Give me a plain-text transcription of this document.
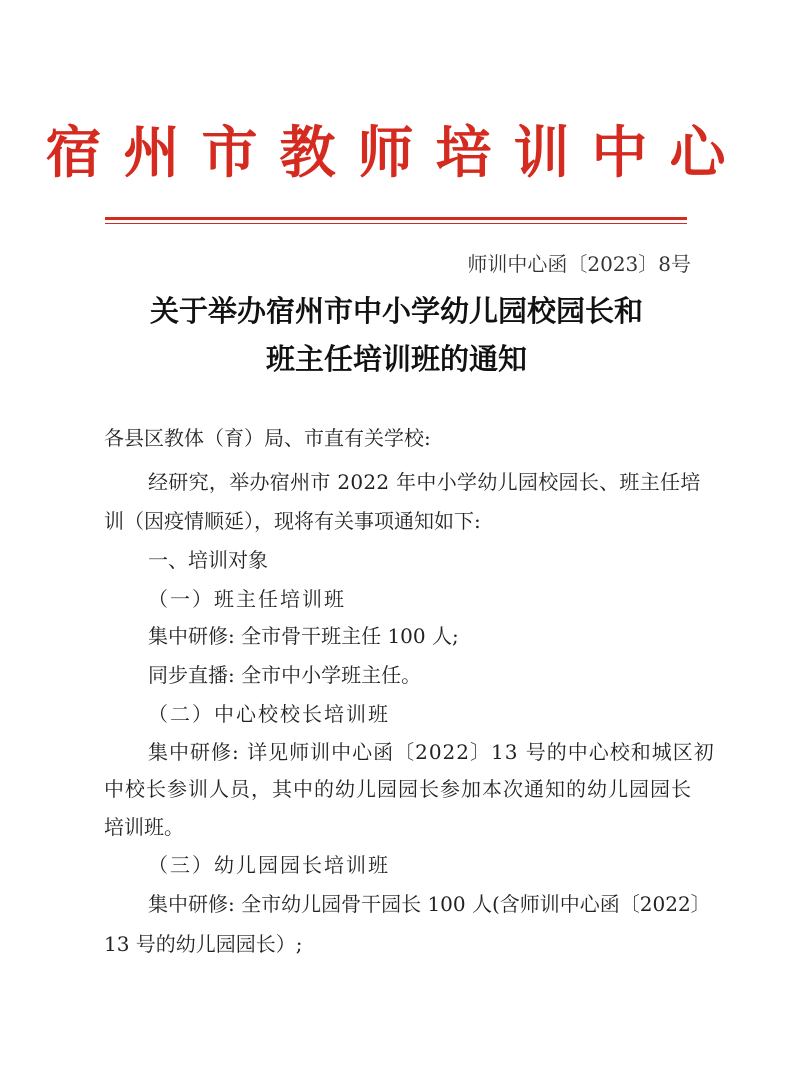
宿州市教师培训中心
师训中心函〔2023〕8号
关于举办宿州市中小学幼儿园校园长和
班主任培训班的通知
各县区教体（育）局、市直有关学校:
经研究，举办宿州市 2022 年中小学幼儿园校园长、班主任培
训（因疫情顺延），现将有关事项通知如下:
一、培训对象
（一）班主任培训班
集中研修: 全市骨干班主任 100 人;
同步直播: 全市中小学班主任。
（二）中心校校长培训班
集中研修: 详见师训中心函〔2022〕13 号的中心校和城区初
中校长参训人员，其中的幼儿园园长参加本次通知的幼儿园园长
培训班。
（三）幼儿园园长培训班
集中研修: 全市幼儿园骨干园长 100 人(含师训中心函〔2022〕
13 号的幼儿园园长）;
